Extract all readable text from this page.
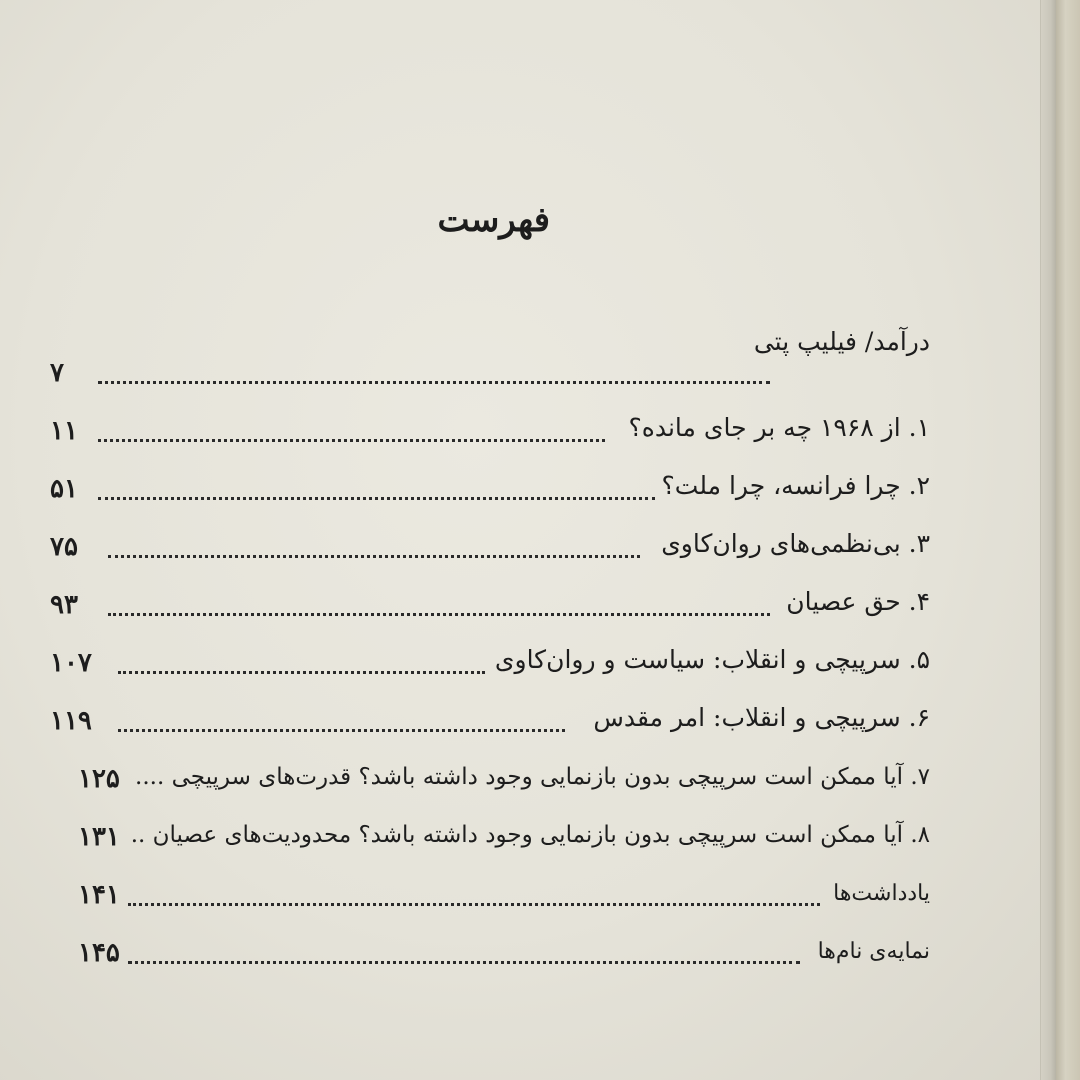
فهرست
درآمد/ فیلیپ پتی
۷
۱. از ۱۹۶۸ چه بر جای مانده؟
۱۱
۲. چرا فرانسه، چرا ملت؟
۵۱
۳. بی‌نظمی‌های روان‌کاوی
۷۵
۴. حق عصیان
۹۳
۵. سرپیچی و انقلاب: سیاست و روان‌کاوی
۱۰۷
۶. سرپیچی و انقلاب: امر مقدس
۱۱۹
۷. آیا ممکن است سرپیچی بدون بازنمایی وجود داشته باشد؟ قدرت‌های سرپیچی ....
۱۲۵
۸. آیا ممکن است سرپیچی بدون بازنمایی وجود داشته باشد؟ محدودیت‌های عصیان ..
۱۳۱
یادداشت‌ها
۱۴۱
نمایه‌ی نام‌ها
۱۴۵
